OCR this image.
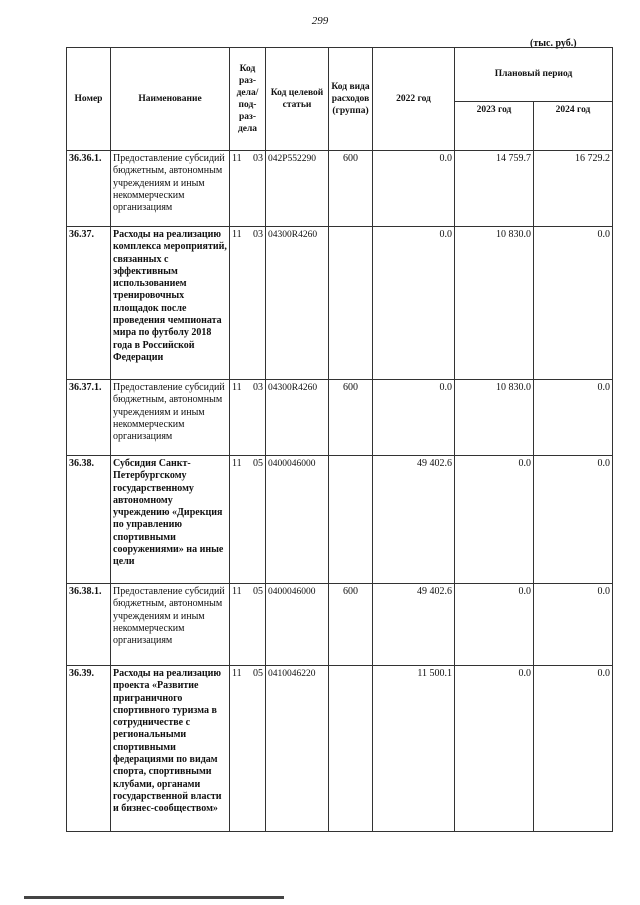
299
(тыс. руб.)
Номер	Наименование	Код раз-дела/ под-раз-дела	Код целевой статьи	Код вида расходов (группа)	2022 год	Плановый период	
						2023 год	2024 год
36.36.1.	Предоставление субсидий бюджетным, автономным учреждениям и иным некоммерческим организациям	11 03	042P552290	600	0.0	14 759.7	16 729.2
36.37.	Расходы на реализацию комплекса мероприятий, связанных с эффективным использованием тренировочных площадок после проведения чемпионата мира по футболу 2018 года в Российской Федерации	11 03	04300R4260		0.0	10 830.0	0.0
36.37.1.	Предоставление субсидий бюджетным, автономным учреждениям и иным некоммерческим организациям	11 03	04300R4260	600	0.0	10 830.0	0.0
36.38.	Субсидия Санкт-Петербургскому государственному автономному учреждению «Дирекция по управлению спортивными сооружениями» на иные цели	11 05	0400046000		49 402.6	0.0	0.0
36.38.1.	Предоставление субсидий бюджетным, автономным учреждениям и иным некоммерческим организациям	11 05	0400046000	600	49 402.6	0.0	0.0
36.39.	Расходы на реализацию проекта «Развитие приграничного спортивного туризма в сотрудничестве с региональными спортивными федерациями по видам спорта, спортивными клубами, органами государственной власти и бизнес-сообществом»	11 05	0410046220		11 500.1	0.0	0.0
